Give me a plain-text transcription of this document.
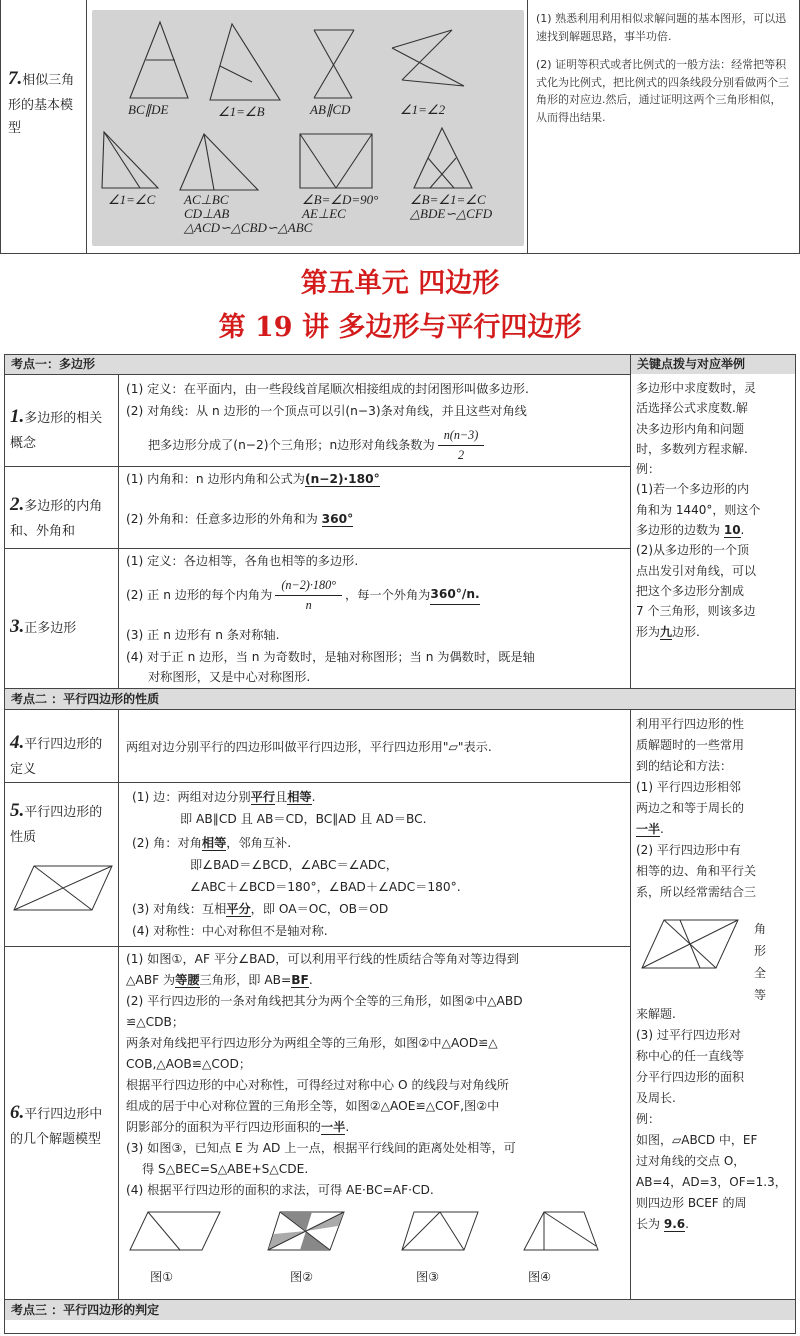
7.相似三角形的基本模型
BC∥DE	∠1=∠B	AB∥CD	∠1=∠2
∠1=∠C AC⊥BC
CD⊥AB
△ACD∽△CBD∽△ABC
∠B=∠D=90°
AE⊥EC
∠B=∠1=∠C
△BDE∽△CFD
(1) 熟悉利用利用相似求解问题的基本图形，可以迅速找到解题思路，事半功倍.
(2) 证明等积式或者比例式的一般方法：经常把等积式化为比例式，把比例式的四条线段分别看做两个三角形的对应边.然后，通过证明这两个三角形相似，从而得出结果.
第五单元 四边形
第 19 讲 多边形与平行四边形
考点一：多边形	关键点拨与对应举例
1.多边形的相关概念
(1) 定义：在平面内，由一些段线首尾顺次相接组成的封闭图形叫做多边形.
(2) 对角线：从 n 边形的一个顶点可以引(n−3)条对角线，并且这些对角线
把多边形分成了(n−2)个三角形；n边形对角线条数为 $\frac{n(n-3)}{2}$
2.多边形的内角和、外角和
(1) 内角和：n 边形内角和公式为(n−2)·180°
(2) 外角和：任意多边形的外角和为 360°
3.正多边形
(1) 定义：各边相等，各角也相等的多边形.
(2) 正 n 边形的每个内角为 $\frac{(n-2)\cdot 180^\circ}{n}$ ，每一个外角为 360°/n.
(3) 正 n 边形有 n 条对称轴.
(4) 对于正 n 边形，当 n 为奇数时，是轴对称图形；当 n 为偶数时，既是轴
对称图形，又是中心对称图形.
多边形中求度数时，灵
活选择公式求度数.解
决多边形内角和问题
时，多数列方程求解.
例：
(1)若一个多边形的内
角和为 1440°，则这个
多边形的边数为 10.
(2)从多边形的一个顶
点出发引对角线，可以
把这个多边形分割成
7 个三角形，则该多边
形为九边形.
考点二 ：平行四边形的性质
4.平行四边形的定义
两组对边分别平行的四边形叫做平行四边形，平行四边形用"▱"表示.
5.平行四边形的性质
(1) 边：两组对边分别平行且相等.
即 AB∥CD 且 AB＝CD，BC∥AD 且 AD＝BC.
(2) 角：对角相等，邻角互补.
即∠BAD＝∠BCD，∠ABC＝∠ADC，
∠ABC＋∠BCD＝180°，∠BAD＋∠ADC＝180°.
(3) 对角线：互相平分，即 OA＝OC，OB＝OD
(4) 对称性：中心对称但不是轴对称.
6.平行四边形中的几个解题模型
(1) 如图①，AF 平分∠BAD，可以利用平行线的性质结合等角对等边得到
△ABF 为等腰三角形，即 AB=BF.
(2) 平行四边形的一条对角线把其分为两个全等的三角形，如图②中△ABD
≌△CDB；
两条对角线把平行四边形分为两组全等的三角形，如图②中△AOD≌△
COB,△AOB≌△COD；
根据平行四边形的中心对称性，可得经过对称中心 O 的线段与对角线所
组成的居于中心对称位置的三角形全等，如图②△AOE≌△COF,图②中
阴影部分的面积为平行四边形面积的一半.
(3) 如图③，已知点 E 为 AD 上一点，根据平行线间的距离处处相等，可
得 S△BEC=S△ABE+S△CDE.
(4) 根据平行四边形的面积的求法，可得 AE·BC=AF·CD.
图①	图②	图③	图④
利用平行四边形的性
质解题时的一些常用
到的结论和方法：
(1) 平行四边形相邻
两边之和等于周长的
一半.
(2) 平行四边形中有
相等的边、角和平行关
系，所以经常需结合三
角
形
全
等
来解题.
(3) 过平行四边形对
称中心的任一直线等
分平行四边形的面积
及周长.
例：
如图，▱ABCD 中，EF
过对角线的交点 O，
AB=4，AD=3，OF=1.3，
则四边形 BCEF 的周
长为 9.6.
考点三 ：平行四边形的判定
